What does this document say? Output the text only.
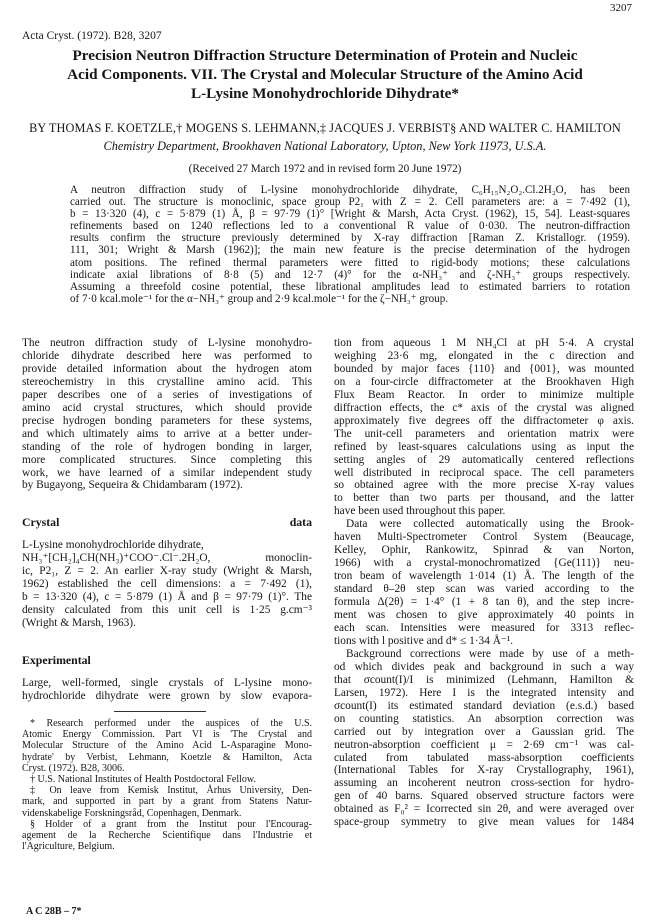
3207
Acta Cryst. (1972). B28, 3207
Precision Neutron Diffraction Structure Determination of Protein and Nucleic
Acid Components. VII. The Crystal and Molecular Structure of the Amino Acid
L-Lysine Monohydrochloride Dihydrate*
BY THOMAS F. KOETZLE,† MOGENS S. LEHMANN,‡ JACQUES J. VERBIST§ AND WALTER C. HAMILTON
Chemistry Department, Brookhaven National Laboratory, Upton, New York 11973, U.S.A.
(Received 27 March 1972 and in revised form 20 June 1972)

A neutron diffraction study of L-lysine monohydrochloride dihydrate, C₆H₁₅N₂O₂.Cl.2H₂O, has been

carried out. The structure is monoclinic, space group P2₁ with Z = 2. Cell parameters are: a = 7·492 (1),

b = 13·320 (4), c = 5·879 (1) Å, β = 97·79 (1)° [Wright & Marsh, Acta Cryst. (1962), 15, 54]. Least-squares

refinements based on 1240 reflections led to a conventional R value of 0·030. The neutron-diffraction

results confirm the structure previously determined by X-ray diffraction [Raman Z. Kristallogr. (1959).

111, 301; Wright & Marsh (1962)]; the main new feature is the precise determination of the hydrogen

atom positions. The refined thermal parameters were fitted to rigid-body motions; these calculations

indicate axial librations of 8·8 (5) and 12·7 (4)° for the α-NH₃⁺ and ζ-NH₃⁺ groups respectively.

Assuming a threefold cosine potential, these librational amplitudes lead to estimated barriers to rotation

of 7·0 kcal.mole⁻¹ for the α−NH₃⁺ group and 2·9 kcal.mole⁻¹ for the ζ−NH₃⁺ group.

The neutron diffraction study of L-lysine monohydro-

chloride dihydrate described here was performed to

provide detailed information about the hydrogen atom

stereochemistry in this crystalline amino acid. This

paper describes one of a series of investigations of

amino acid crystal structures, which should provide

precise hydrogen bonding parameters for these systems,

and which ultimately aims to arrive at a better under-

standing of the role of hydrogen bonding in larger,

more complicated structures. Since completing this

work, we have learned of a similar independent study

by Bugayong, Sequeira & Chidambaram (1972).

Crystal data

L-Lysine monohydrochloride dihydrate,

NH₃⁺[CH₂]₄CH(NH₃)⁺COO⁻.Cl⁻.2H₂O, monoclin-

ic, P2₁, Z = 2. An earlier X-ray study (Wright & Marsh,

1962) established the cell dimensions: a = 7·492 (1),

b = 13·320 (4), c = 5·879 (1) Å and β = 97·79 (1)°. The

density calculated from this unit cell is 1·25 g.cm⁻³

(Wright & Marsh, 1963).

Experimental

Large, well-formed, single crystals of L-lysine mono-

hydrochloride dihydrate were grown by slow evapora-

* Research performed under the auspices of the U.S.

Atomic Energy Commission. Part VI is 'The Crystal and

Molecular Structure of the Amino Acid L-Asparagine Mono-

hydrate' by Verbist, Lehmann, Koetzle & Hamilton, Acta

Cryst. (1972). B28, 3006.

† U.S. National Institutes of Health Postdoctoral Fellow.

‡ On leave from Kemisk Institut, Århus University, Den-

mark, and supported in part by a grant from Statens Natur-

videnskabelige Forskningsråd, Copenhagen, Denmark.

§ Holder of a grant from the Institut pour l'Encourag-

agement de la Recherche Scientifique dans l'Industrie et

l'Agriculture, Belgium.

tion from aqueous 1 M NH₄Cl at pH 5·4. A crystal

weighing 23·6 mg, elongated in the c direction and

bounded by major faces {110} and {001}, was mounted

on a four-circle diffractometer at the Brookhaven High

Flux Beam Reactor. In order to minimize multiple

diffraction effects, the c* axis of the crystal was aligned

approximately five degrees off the diffractometer φ axis.

The unit-cell parameters and orientation matrix were

refined by least-squares calculations using as input the

setting angles of 29 automatically centered reflections

well distributed in reciprocal space. The cell parameters

so obtained agree with the more precise X-ray values

to better than two parts per thousand, and the latter

have been used throughout this paper.

Data were collected automatically using the Brook-

haven Multi-Spectrometer Control System (Beaucage,

Kelley, Ophir, Rankowitz, Spinrad & van Norton,

1966) with a crystal-monochromatized {Ge(111)} neu-

tron beam of wavelength 1·014 (1) Å. The length of the

standard θ–2θ step scan was varied according to the

formula Δ(2θ) = 1·4° (1 + 8 tan θ), and the step incre-

ment was chosen to give approximately 40 points in

each scan. Intensities were measured for 3313 reflec-

tions with l positive and d* ≤ 1·34 Å⁻¹.

Background corrections were made by use of a meth-

od which divides peak and background in such a way

that σcount(I)/I is minimized (Lehmann, Hamilton &

Larsen, 1972). Here I is the integrated intensity and

σcount(I) its estimated standard deviation (e.s.d.) based

on counting statistics. An absorption correction was

carried out by integration over a Gaussian grid. The

neutron-absorption coefficient μ = 2·69 cm⁻¹ was cal-

culated from tabulated mass-absorption coefficients

(International Tables for X-ray Crystallography, 1961),

assuming an incoherent neutron cross-section for hydro-

gen of 40 barns. Squared observed structure factors were

obtained as F₀² = Icorrected sin 2θ, and were averaged over

space-group symmetry to give mean values for 1484

A C 28B – 7*
